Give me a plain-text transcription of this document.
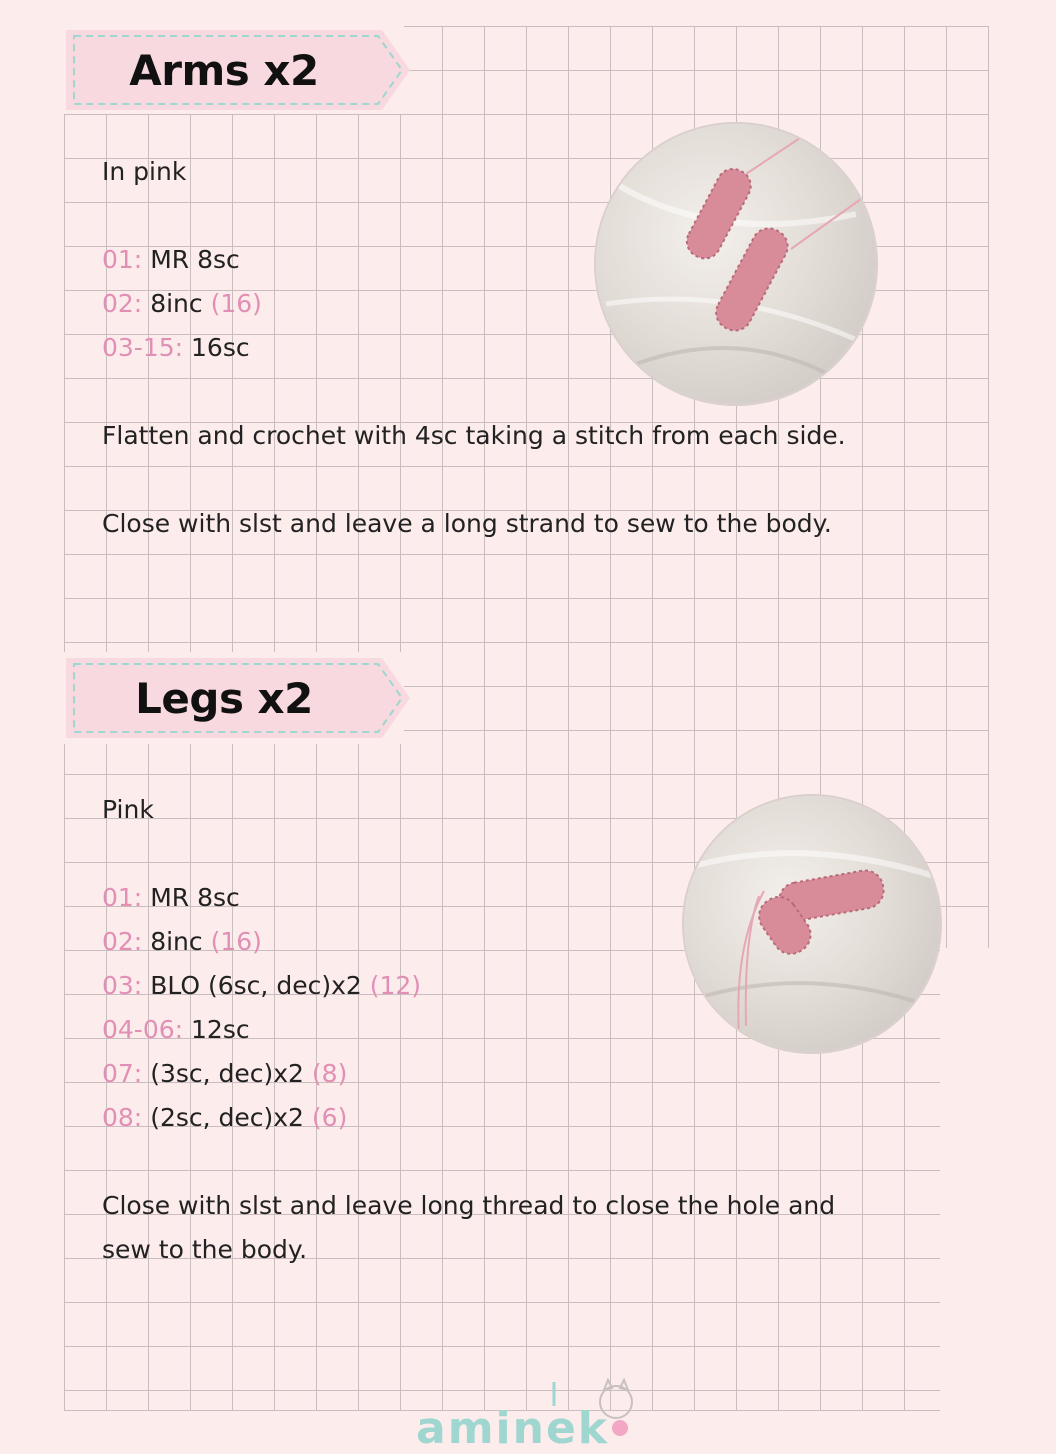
Arms x2
In pink
01: MR 8sc
02: 8inc (16)
03-15: 16sc
Flatten and crochet with 4sc taking a stitch from each side.
Close with slst and leave a long strand to sew to the body.
Legs x2
Pink
01: MR 8sc
02: 8inc (16)
03: BLO (6sc, dec)x2 (12)
04-06: 12sc
07: (3sc, dec)x2 (8)
08: (2sc, dec)x2 (6)
Close with slst and leave long thread to close the hole and
sew to the body.
aminek
